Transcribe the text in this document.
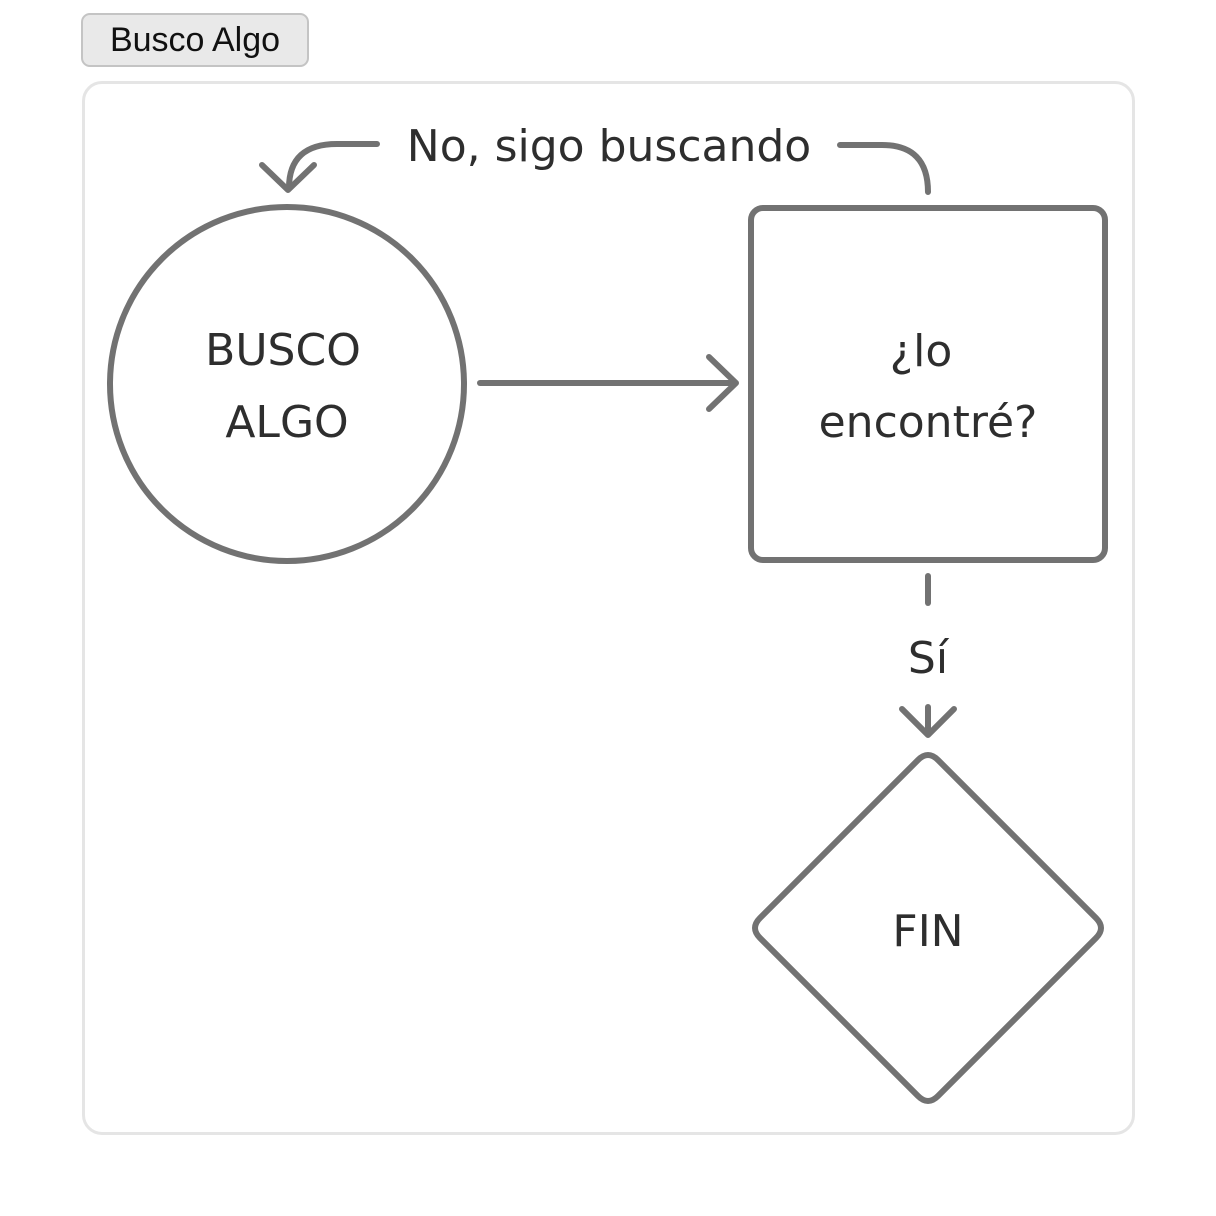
Busco Algo
BUSCO
ALGO
¿lo
encontré?
FIN
No, sigo buscando
Sí
